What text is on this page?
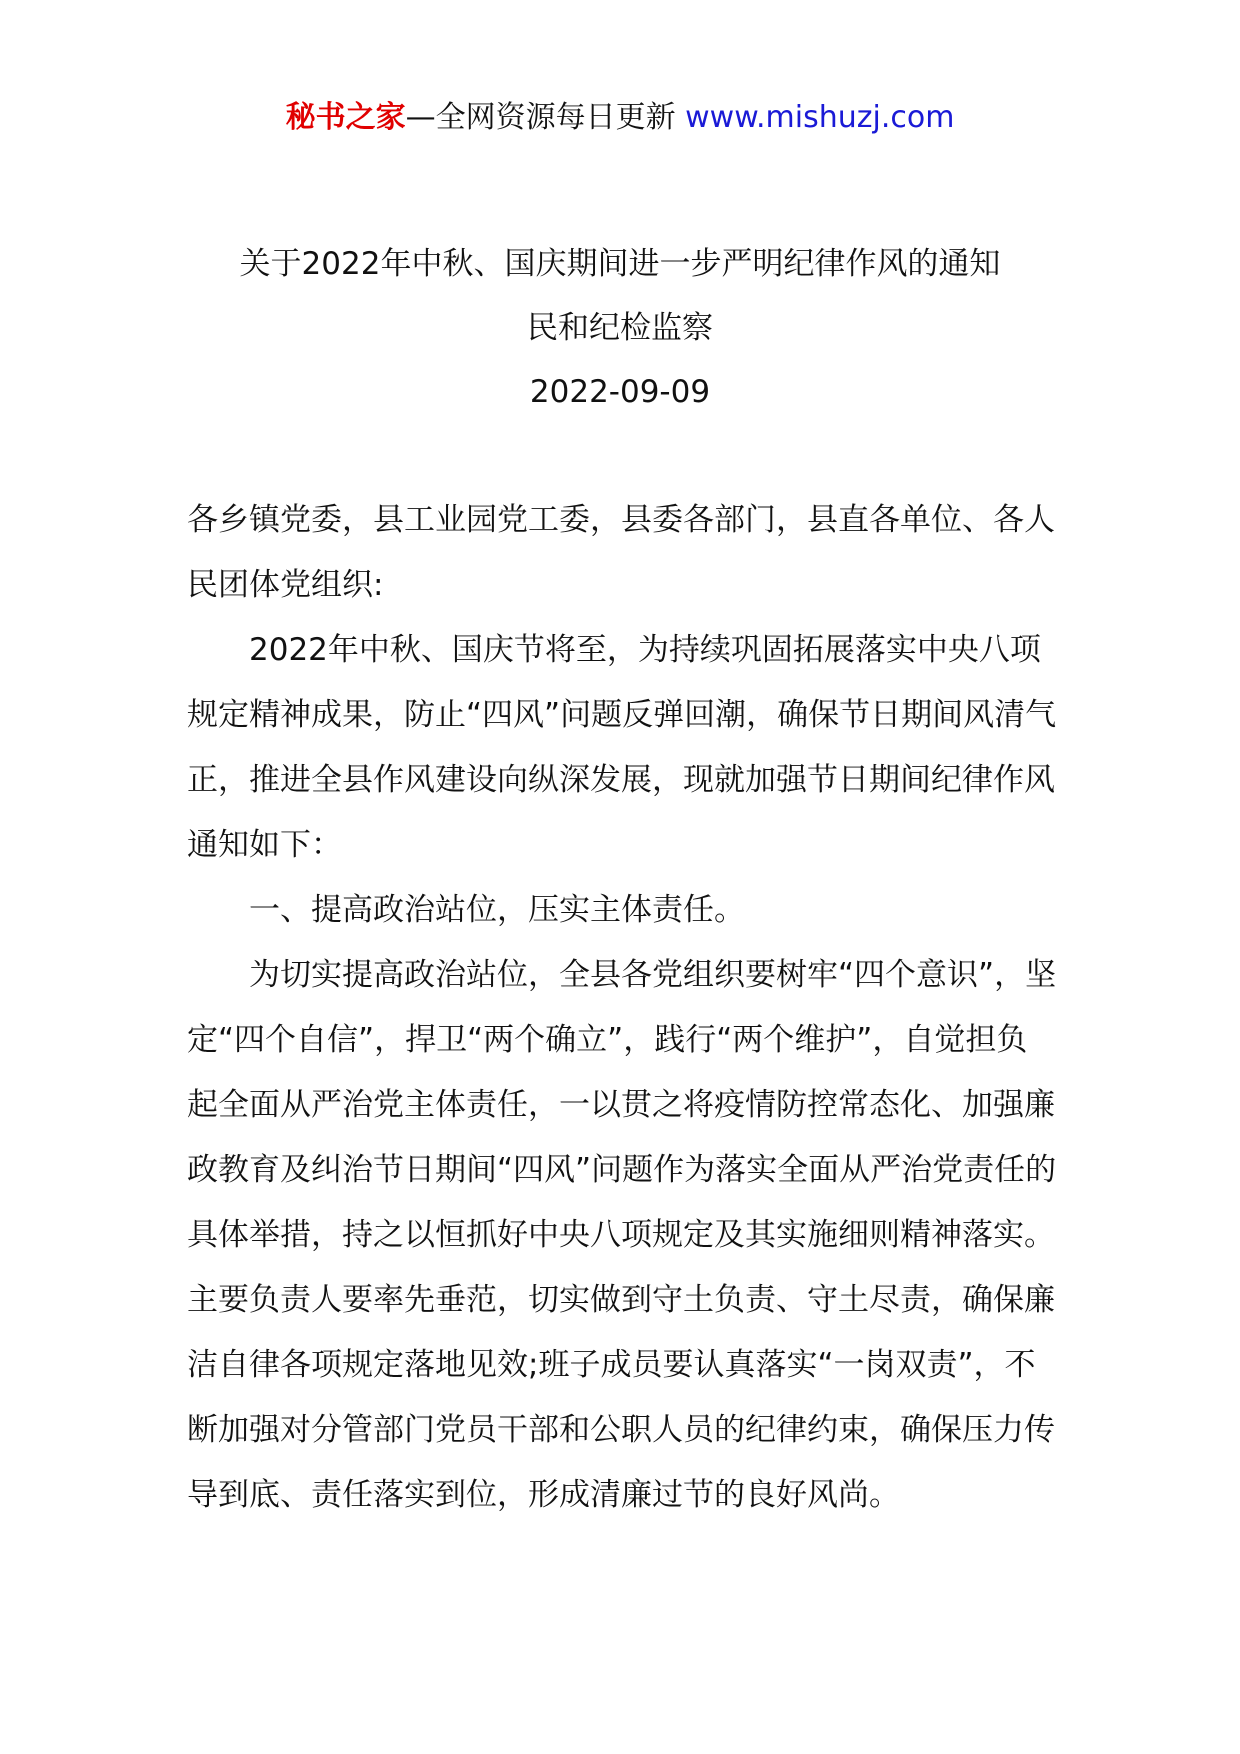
秘书之家—全网资源每日更新 www.mishuzj.com
关于2022年中秋、国庆期间进一步严明纪律作风的通知
民和纪检监察
2022-09-09

各乡镇党委，县工业园党工委，县委各部门，县直各单位、各人民团体党组织:

2022年中秋、国庆节将至，为持续巩固拓展落实中央八项规定精神成果，防止“四风”问题反弹回潮，确保节日期间风清气正，推进全县作风建设向纵深发展，现就加强节日期间纪律作风通知如下：

一、提高政治站位，压实主体责任。

为切实提高政治站位，全县各党组织要树牢“四个意识”，坚定“四个自信”，捍卫“两个确立”，践行“两个维护”，自觉担负起全面从严治党主体责任，一以贯之将疫情防控常态化、加强廉政教育及纠治节日期间“四风”问题作为落实全面从严治党责任的具体举措，持之以恒抓好中央八项规定及其实施细则精神落实。主要负责人要率先垂范，切实做到守土负责、守土尽责，确保廉洁自律各项规定落地见效;班子成员要认真落实“一岗双责”，不断加强对分管部门党员干部和公职人员的纪律约束，确保压力传导到底、责任落实到位，形成清廉过节的良好风尚。
